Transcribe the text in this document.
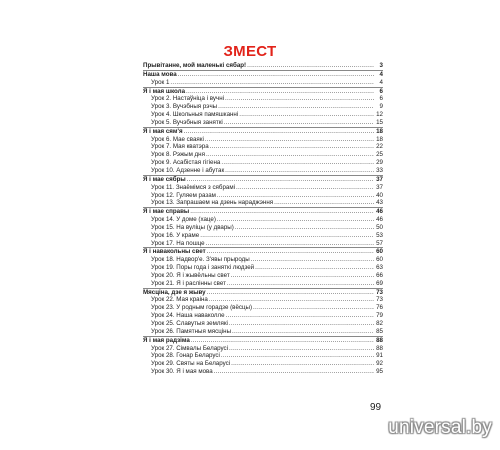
ЗМЕСТ
Прывітанне, мой маленькі сябар! .....	3
Наша мова .....	4
Урок 1 .....	4
Я і мая школа .....	6
Урок 2. Настаўніца і вучні .....	6
Урок 3. Вучэбныя рэчы .....	9
Урок 4. Школьныя памяшканні .....	12
Урок 5. Вучэбныя заняткі .....	15
Я і мая сям'я .....	18
Урок 6. Мае сваякі .....	18
Урок 7. Мая кватэра .....	22
Урок 8. Рэжым дня .....	25
Урок 9. Асабістая гігіена .....	29
Урок 10. Адзенне і абутак .....	33
Я і мае сябры .....	37
Урок 11. Знаёмімся з сябрамі .....	37
Урок 12. Гуляем разам .....	40
Урок 13. Запрашаем на дзень нараджэння .....	43
Я і мае справы .....	46
Урок 14. У доме (хаце) .....	46
Урок 15. На вуліцы (у двары) .....	50
Урок 16. У краме .....	53
Урок 17. На пошце .....	57
Я і навакольны свет .....	60
Урок 18. Надвор'е. З'явы прыроды .....	60
Урок 19. Поры года і заняткі людзей .....	63
Урок 20. Я і жывёльны свет .....	66
Урок 21. Я і раслінны свет .....	69
Мясціна, дзе я жыву .....	73
Урок 22. Мая краіна .....	73
Урок 23. У родным горадзе (вёсцы) .....	76
Урок 24. Наша наваколле .....	79
Урок 25. Славутыя землякі .....	82
Урок 26. Памятныя мясціны .....	85
Я і мая радзіма .....	88
Урок 27. Сімвалы Беларусі .....	88
Урок 28. Гонар Беларусі .....	91
Урок 29. Святы на Беларусі .....	92
Урок 30. Я і мая мова .....	95
99
universal.by
